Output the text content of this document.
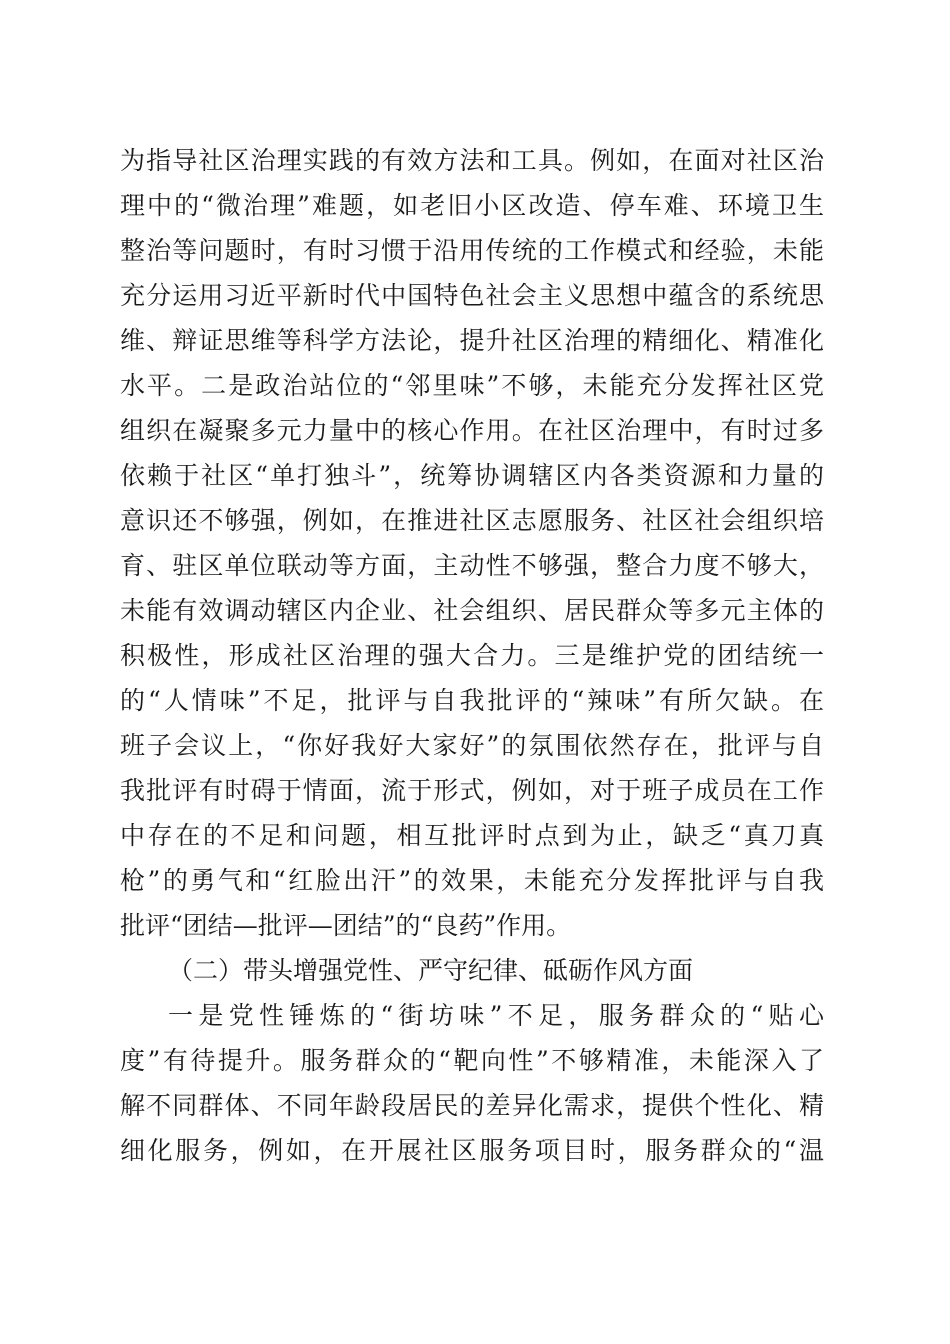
为指导社区治理实践的有效方法和工具。例如，在面对社区治
理中的“微治理”难题，如老旧小区改造、停车难、环境卫生
整治等问题时，有时习惯于沿用传统的工作模式和经验，未能
充分运用习近平新时代中国特色社会主义思想中蕴含的系统思
维、辩证思维等科学方法论，提升社区治理的精细化、精准化
水平。二是政治站位的“邻里味”不够，未能充分发挥社区党
组织在凝聚多元力量中的核心作用。在社区治理中，有时过多
依赖于社区“单打独斗”，统筹协调辖区内各类资源和力量的
意识还不够强，例如，在推进社区志愿服务、社区社会组织培
育、驻区单位联动等方面，主动性不够强，整合力度不够大，
未能有效调动辖区内企业、社会组织、居民群众等多元主体的
积极性，形成社区治理的强大合力。三是维护党的团结统一
的“人情味”不足，批评与自我批评的“辣味”有所欠缺。在
班子会议上，“你好我好大家好”的氛围依然存在，批评与自
我批评有时碍于情面，流于形式，例如，对于班子成员在工作
中存在的不足和问题，相互批评时点到为止，缺乏“真刀真
枪”的勇气和“红脸出汗”的效果，未能充分发挥批评与自我
批评“团结—批评—团结”的“良药”作用。
（二）带头增强党性、严守纪律、砥砺作风方面
一是党性锤炼的“街坊味”不足，服务群众的“贴心
度”有待提升。服务群众的“靶向性”不够精准，未能深入了
解不同群体、不同年龄段居民的差异化需求，提供个性化、精
细化服务，例如，在开展社区服务项目时，服务群众的“温
